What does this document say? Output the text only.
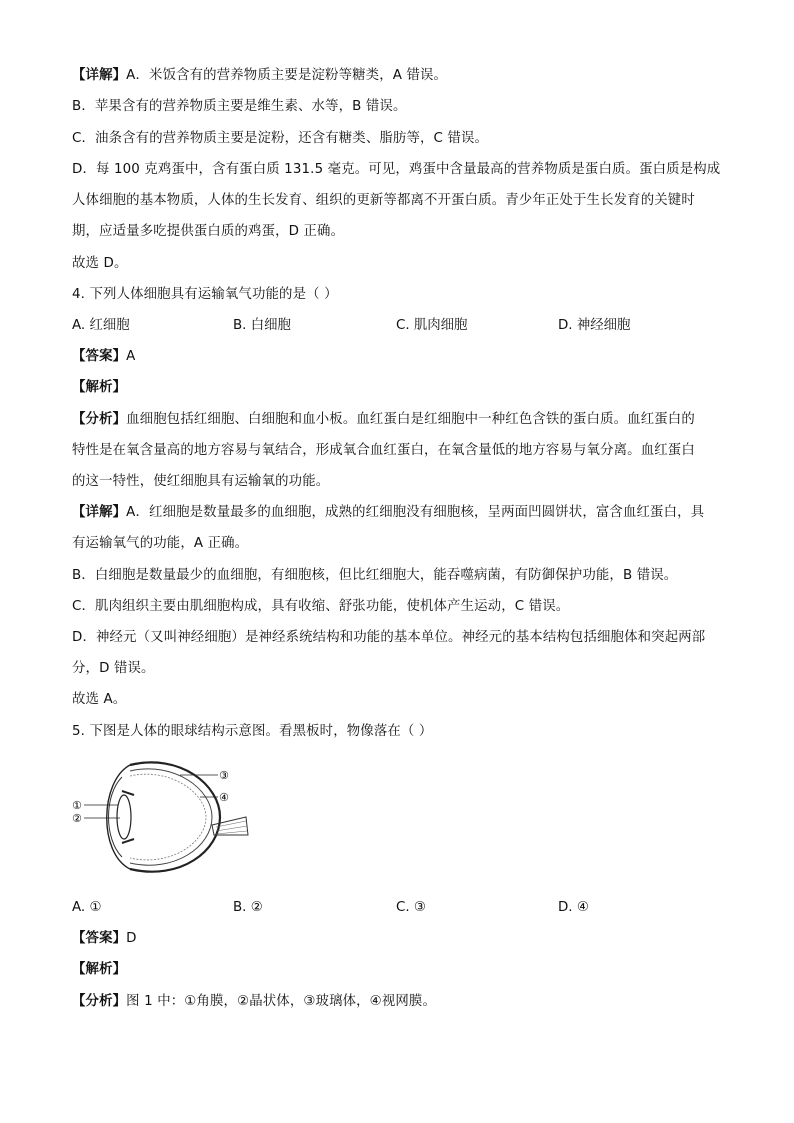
【详解】A．米饭含有的营养物质主要是淀粉等糖类，A 错误。
B．苹果含有的营养物质主要是维生素、水等，B 错误。
C．油条含有的营养物质主要是淀粉，还含有糖类、脂肪等，C 错误。
D．每 100 克鸡蛋中，含有蛋白质 131.5 毫克。可见，鸡蛋中含量最高的营养物质是蛋白质。蛋白质是构成
人体细胞的基本物质，人体的生长发育、组织的更新等都离不开蛋白质。青少年正处于生长发育的关键时
期，应适量多吃提供蛋白质的鸡蛋，D 正确。
故选 D。
4. 下列人体细胞具有运输氧气功能的是（ ）
A. 红细胞	B. 白细胞	C. 肌肉细胞	D. 神经细胞
【答案】A
【解析】
【分析】血细胞包括红细胞、白细胞和血小板。血红蛋白是红细胞中一种红色含铁的蛋白质。血红蛋白的
特性是在氧含量高的地方容易与氧结合，形成氧合血红蛋白，在氧含量低的地方容易与氧分离。血红蛋白
的这一特性，使红细胞具有运输氧的功能。
【详解】A．红细胞是数量最多的血细胞，成熟的红细胞没有细胞核，呈两面凹圆饼状，富含血红蛋白，具
有运输氧气的功能，A 正确。
B．白细胞是数量最少的血细胞，有细胞核，但比红细胞大，能吞噬病菌，有防御保护功能，B 错误。
C．肌肉组织主要由肌细胞构成，具有收缩、舒张功能，使机体产生运动，C 错误。
D．神经元（又叫神经细胞）是神经系统结构和功能的基本单位。神经元的基本结构包括细胞体和突起两部
分，D 错误。
故选 A。
5. 下图是人体的眼球结构示意图。看黑板时，物像落在（ ）
①
②
③
④
A. ①	B. ②	C. ③	D. ④
【答案】D
【解析】
【分析】图 1 中：①角膜，②晶状体，③玻璃体，④视网膜。
